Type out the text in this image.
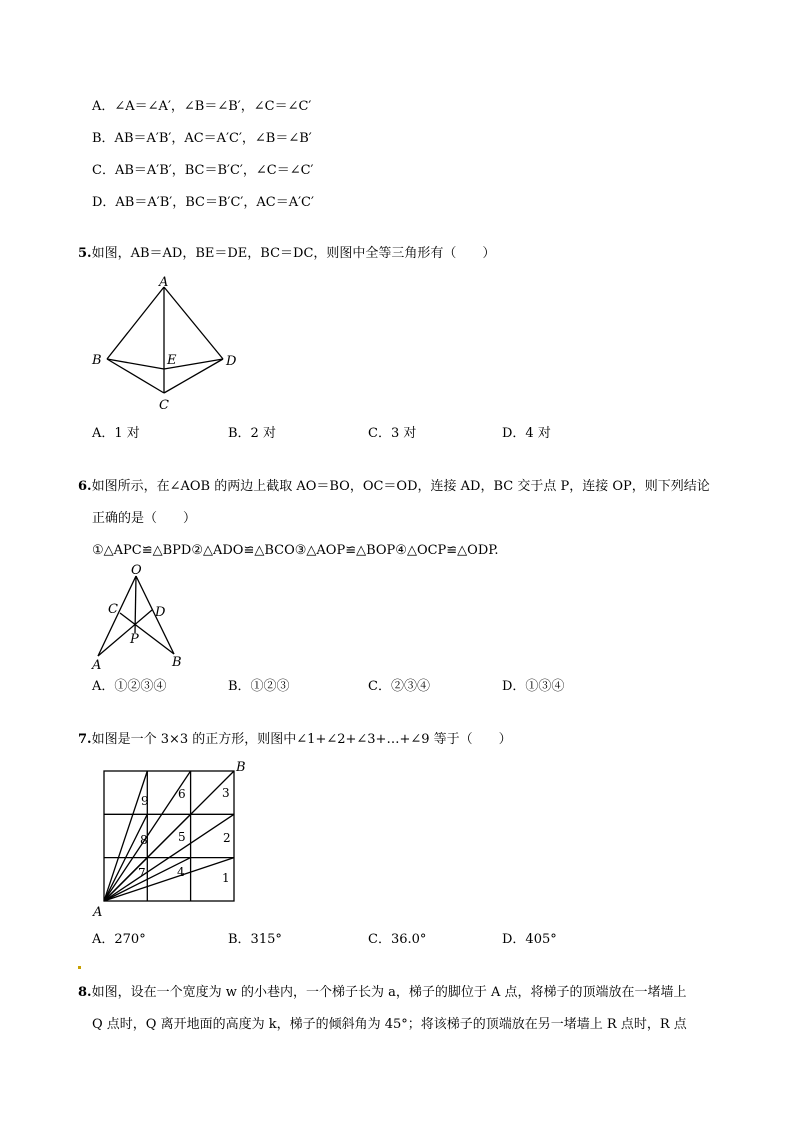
A．∠A＝∠A′，∠B＝∠B′，∠C＝∠C′
B．AB＝A′B′，AC＝A′C′，∠B＝∠B′
C．AB＝A′B′，BC＝B′C′，∠C＝∠C′
D．AB＝A′B′，BC＝B′C′，AC＝A′C′
5.如图，AB＝AD，BE＝DE，BC＝DC，则图中全等三角形有（　　）
A
B	E	D
C
A．1 对	B．2 对	C．3 对	D．4 对
6.如图所示，在∠AOB 的两边上截取 AO＝BO，OC＝OD，连接 AD，BC 交于点 P，连接 OP，则下列结论
正确的是（　　）
①△APC≌△BPD②△ADO≌△BCO③△AOP≌△BOP④△OCP≌△ODP.
O
C	D
P
A	B
A．①②③④	B．①②③	C．②③④	D．①③④
7.如图是一个 3×3 的正方形，则图中∠1+∠2+∠3+…+∠9 等于（　　）
A
B
1
2
3
4
5
6
7
8
9
A．270°	B．315°	C．36.0°	D．405°
8.如图，设在一个宽度为 w 的小巷内，一个梯子长为 a，梯子的脚位于 A 点，将梯子的顶端放在一堵墙上
Q 点时，Q 离开地面的高度为 k，梯子的倾斜角为 45°；将该梯子的顶端放在另一堵墙上 R 点时，R 点
